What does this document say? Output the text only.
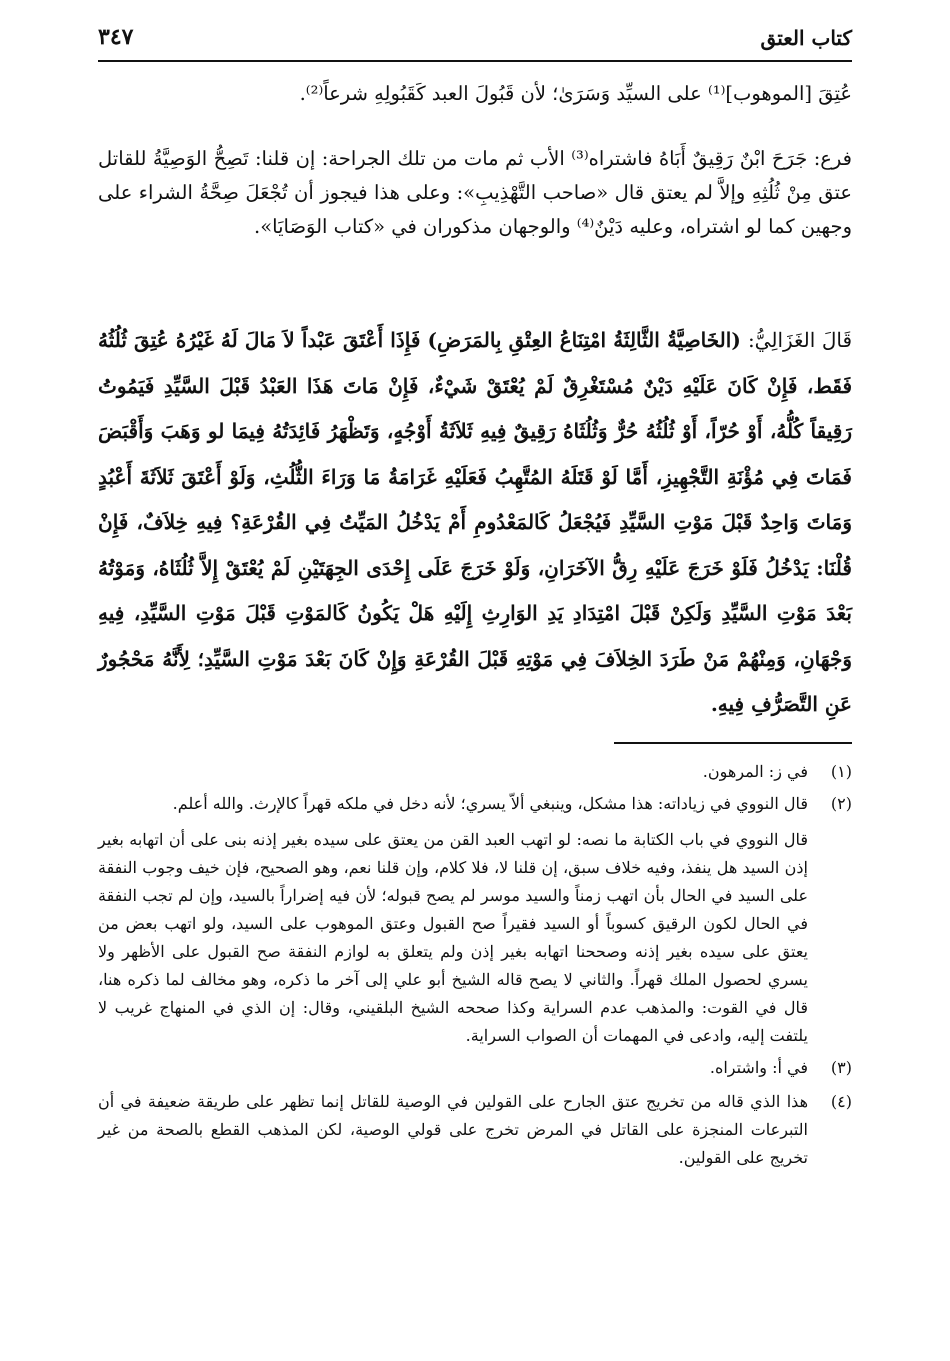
كتاب العتق
٣٤٧

عُتِقَ [الموهوب]⁽¹⁾ على السيِّد وَسَرَىٰ؛ لأن قَبُولَ العبد كَقَبُولِهِ شرعاً⁽²⁾.

فرع: جَرَحَ ابْنٌ رَقِيقٌ أَبَاهُ فاشتراه⁽³⁾ الأب ثم مات من تلك الجراحة: إن قلنا: تَصِحُّ الوَصِيَّةُ للقاتل عتق مِنْ ثُلُثِهِ وإلاَّ لم يعتق قال «صاحب التَّهْذِيبِ»: وعلى هذا فيجوز أن تُجْعَلَ صِحَّةُ الشراء على وجهين كما لو اشتراه، وعليه دَيْنٌ⁽⁴⁾ والوجهان مذكوران في «كتاب الوَصَايَا».

قَالَ الغَزَالِيُّ: (الخَاصِيَّةُ الثَّالِثَةُ امْتِنَاعُ العِتْقِ بِالمَرَضِ) فَإِذَا أَعْتَقَ عَبْداً لاَ مَالَ لَهُ غَيْرُهُ عُتِقَ ثُلُثُهُ فَقَط، فَإِنْ كَانَ عَلَيْهِ دَيْنٌ مُسْتَغْرِقٌ لَمْ يُعْتَقْ شَيْءٌ، فَإِنْ مَاتَ هَذَا العَبْدُ قَبْلَ السَّيِّدِ فَيَمُوتُ رَقِيقاً كُلُّهُ، أَوْ حُرّاً، أَوْ ثُلُثُهُ حُرٌّ وَثُلُثَاهُ رَقِيقٌ فِيهِ ثَلاَثَةُ أَوْجُهٍ، وَتَظْهَرُ فَائِدَتُهُ فِيمَا لو وَهَبَ وَأَقْبَضَ فَمَاتَ فِي مُؤْنَةِ التَّجْهِيزِ، أَمَّا لَوْ قَتَلَهُ المُتَّهِبُ فَعَلَيْهِ غَرَامَةُ مَا وَرَاءَ الثُّلُثِ، وَلَوْ أَعْتَقَ ثَلاَثَةَ أَعْبُدٍ وَمَاتَ وَاحِدٌ قَبْلَ مَوْتِ السَّيِّدِ فَيُجْعَلُ كَالمَعْدُومِ أَمْ يَدْخُلُ المَيِّتُ فِي القُرْعَةِ؟ فِيهِ خِلاَفٌ، فَإِنْ قُلْنَا: يَدْخُلُ فَلَوْ خَرَجَ عَلَيْهِ رِقُّ الآخَرَانِ، وَلَوْ خَرَجَ عَلَى إِحْدَى الجِهَتَيْنِ لَمْ يُعْتَقْ إِلاَّ ثُلُثَاهُ، وَمَوْتُهُ بَعْدَ مَوْتِ السَّيِّدِ وَلَكِنْ قَبْلَ امْتِدَادِ يَدِ الوَارِثِ إِلَيْهِ هَلْ يَكُونُ كَالمَوْتِ قَبْلَ مَوْتِ السَّيِّدِ، فِيهِ وَجْهَانِ، وَمِنْهُمْ مَنْ طَرَدَ الخِلاَفَ فِي مَوْتِهِ قَبْلَ القُرْعَةِ وَإِنْ كَانَ بَعْدَ مَوْتِ السَّيِّدِ؛ لِأَنَّهُ مَحْجُورٌ عَنِ التَّصَرُّفِ فِيهِ.

(١)

في ز: المرهون.

(٢)

قال النووي في زياداته: هذا مشكل، وينبغي ألاّ يسري؛ لأنه دخل في ملكه قهراً كالإرث. والله أعلم.

قال النووي في باب الكتابة ما نصه: لو اتهب العبد القن من يعتق على سيده بغير إذنه بنى على أن اتهابه بغير إذن السيد هل ينفذ، وفيه خلاف سبق، إن قلنا لا، فلا كلام، وإن قلنا نعم، وهو الصحيح، فإن خيف وجوب النفقة على السيد في الحال بأن اتهب زمناً والسيد موسر لم يصح قبوله؛ لأن فيه إضراراً بالسيد، وإن لم تجب النفقة في الحال لكون الرقيق كسوباً أو السيد فقيراً صح القبول وعتق الموهوب على السيد، ولو اتهب بعض من يعتق على سيده بغير إذنه وصححنا اتهابه بغير إذن ولم يتعلق به لوازم النفقة صح القبول على الأظهر ولا يسري لحصول الملك قهراً. والثاني لا يصح قاله الشيخ أبو علي إلى آخر ما ذكره، وهو مخالف لما ذكره هنا، قال في القوت: والمذهب عدم السراية وكذا صححه الشيخ البلقيني، وقال: إن الذي في المنهاج غريب لا يلتفت إليه، وادعى في المهمات أن الصواب السراية.

(٣)

في أ: واشتراه.

(٤)

هذا الذي قاله من تخريج عتق الجارح على القولين في الوصية للقاتل إنما تظهر على طريقة ضعيفة في أن التبرعات المنجزة على القاتل في المرض تخرج على قولي الوصية، لكن المذهب القطع بالصحة من غير تخريج على القولين.
